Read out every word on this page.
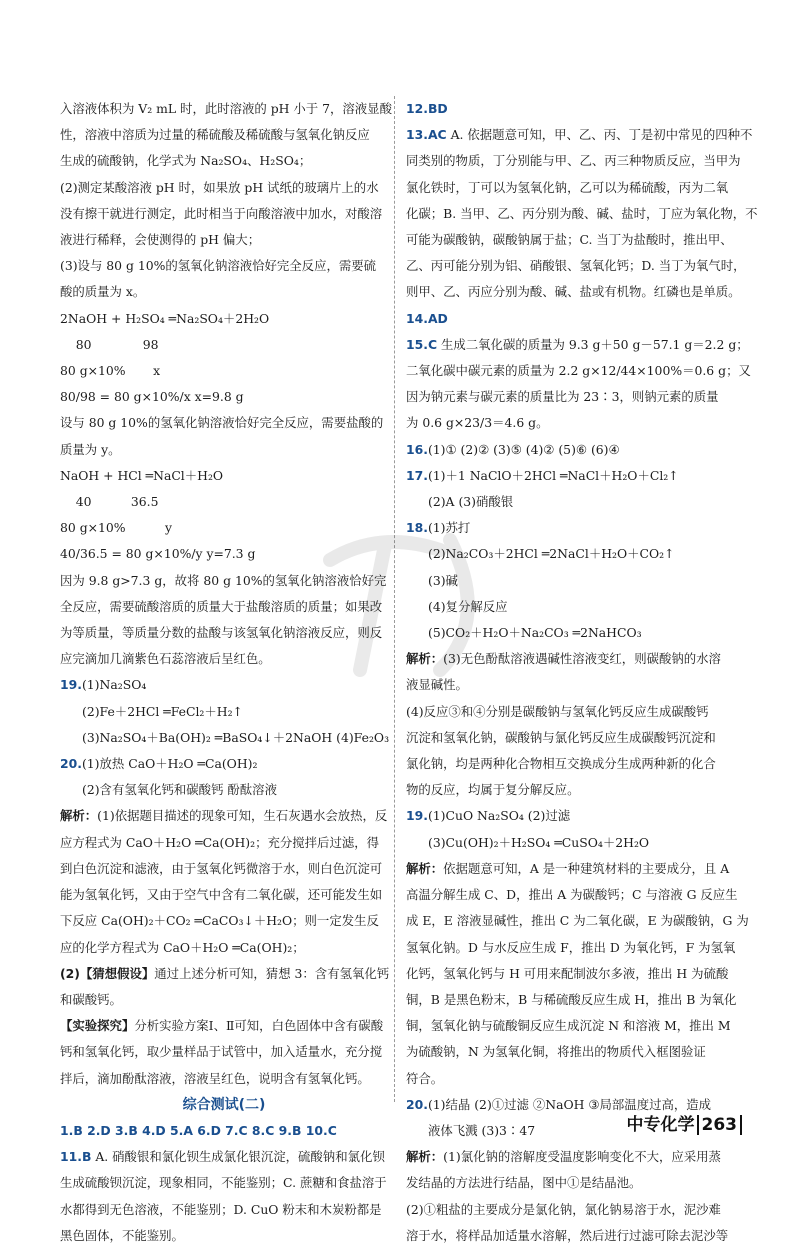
入溶液体积为 V₂ mL 时，此时溶液的 pH 小于 7，溶液显酸
性，溶液中溶质为过量的稀硫酸及稀硫酸与氢氧化钠反应
生成的硫酸钠，化学式为 Na₂SO₄、H₂SO₄；
(2)测定某酸溶液 pH 时，如果放 pH 试纸的玻璃片上的水
没有擦干就进行测定，此时相当于向酸溶液中加水，对酸溶
液进行稀释，会使测得的 pH 偏大；
(3)设与 80 g 10%的氢氧化钠溶液恰好完全反应，需要硫
酸的质量为 x。
2NaOH + H₂SO₄ ═Na₂SO₄＋2H₂O
80             98
80 g×10%       x
80/98 = 80 g×10%/x x=9.8 g
设与 80 g 10%的氢氧化钠溶液恰好完全反应，需要盐酸的
质量为 y。
NaOH + HCl ═NaCl＋H₂O
40          36.5
80 g×10%          y
40/36.5 = 80 g×10%/y y=7.3 g
因为 9.8 g>7.3 g，故将 80 g 10%的氢氧化钠溶液恰好完
全反应，需要硫酸溶质的质量大于盐酸溶质的质量；如果改
为等质量，等质量分数的盐酸与该氢氧化钠溶液反应，则反
应完滴加几滴紫色石蕊溶液后呈红色。
19.(1)Na₂SO₄
(2)Fe＋2HCl ═FeCl₂＋H₂↑
(3)Na₂SO₄＋Ba(OH)₂ ═BaSO₄↓＋2NaOH (4)Fe₂O₃
20.(1)放热 CaO＋H₂O ═Ca(OH)₂
(2)含有氢氧化钙和碳酸钙 酚酞溶液
解析：(1)依据题目描述的现象可知，生石灰遇水会放热，反
应方程式为 CaO＋H₂O ═Ca(OH)₂；充分搅拌后过滤，得
到白色沉淀和滤液，由于氢氧化钙微溶于水，则白色沉淀可
能为氢氧化钙，又由于空气中含有二氧化碳，还可能发生如
下反应 Ca(OH)₂＋CO₂ ═CaCO₃↓＋H₂O；则一定发生反
应的化学方程式为 CaO＋H₂O ═Ca(OH)₂；
(2)【猜想假设】通过上述分析可知，猜想 3：含有氢氧化钙
和碳酸钙。
【实验探究】分析实验方案Ⅰ、Ⅱ可知，白色固体中含有碳酸
钙和氢氧化钙，取少量样品于试管中，加入适量水，充分搅
拌后，滴加酚酞溶液，溶液呈红色，说明含有氢氧化钙。
综合测试(二)
1.B 2.D 3.B 4.D 5.A 6.D 7.C 8.C 9.B 10.C
11.B A. 硝酸银和氯化钡生成氯化银沉淀，硫酸钠和氯化钡
生成硫酸钡沉淀，现象相同，不能鉴别；C. 蔗糖和食盐溶于
水都得到无色溶液，不能鉴别；D. CuO 粉末和木炭粉都是
黑色固体，不能鉴别。
12.BD
13.AC A. 依据题意可知，甲、乙、丙、丁是初中常见的四种不
同类别的物质，丁分别能与甲、乙、丙三种物质反应，当甲为
氯化铁时，丁可以为氢氧化钠，乙可以为稀硫酸，丙为二氧
化碳；B. 当甲、乙、丙分别为酸、碱、盐时，丁应为氧化物，不
可能为碳酸钠，碳酸钠属于盐；C. 当丁为盐酸时，推出甲、
乙、丙可能分别为铝、硝酸银、氢氧化钙；D. 当丁为氧气时，
则甲、乙、丙应分别为酸、碱、盐或有机物。红磷也是单质。
14.AD
15.C 生成二氧化碳的质量为 9.3 g＋50 g－57.1 g＝2.2 g；
二氧化碳中碳元素的质量为 2.2 g×12/44×100%＝0.6 g；又
因为钠元素与碳元素的质量比为 23∶3，则钠元素的质量
为 0.6 g×23/3＝4.6 g。
16.(1)① (2)② (3)⑤ (4)② (5)⑥ (6)④
17.(1)＋1 NaClO＋2HCl ═NaCl＋H₂O＋Cl₂↑
(2)A (3)硝酸银
18.(1)苏打
(2)Na₂CO₃＋2HCl ═2NaCl＋H₂O＋CO₂↑
(3)碱
(4)复分解反应
(5)CO₂＋H₂O＋Na₂CO₃ ═2NaHCO₃
解析：(3)无色酚酞溶液遇碱性溶液变红，则碳酸钠的水溶
液显碱性。
(4)反应③和④分别是碳酸钠与氢氧化钙反应生成碳酸钙
沉淀和氢氧化钠，碳酸钠与氯化钙反应生成碳酸钙沉淀和
氯化钠，均是两种化合物相互交换成分生成两种新的化合
物的反应，均属于复分解反应。
19.(1)CuO Na₂SO₄ (2)过滤
(3)Cu(OH)₂＋H₂SO₄ ═CuSO₄＋2H₂O
解析：依据题意可知，A 是一种建筑材料的主要成分，且 A
高温分解生成 C、D，推出 A 为碳酸钙；C 与溶液 G 反应生
成 E，E 溶液显碱性，推出 C 为二氧化碳，E 为碳酸钠，G 为
氢氧化钠。D 与水反应生成 F，推出 D 为氧化钙，F 为氢氧
化钙，氢氧化钙与 H 可用来配制波尔多液，推出 H 为硫酸
铜，B 是黑色粉末，B 与稀硫酸反应生成 H，推出 B 为氧化
铜，氢氧化钠与硫酸铜反应生成沉淀 N 和溶液 M，推出 M
为硫酸钠，N 为氢氧化铜，将推出的物质代入框图验证
符合。
20.(1)结晶 (2)①过滤 ②NaOH ③局部温度过高，造成
液体飞溅 (3)3∶47
解析：(1)氯化钠的溶解度受温度影响变化不大，应采用蒸
发结晶的方法进行结晶，图中①是结晶池。
(2)①粗盐的主要成分是氯化钠，氯化钠易溶于水，泥沙难
溶于水，将样品加适量水溶解，然后进行过滤可除去泥沙等
中专化学 263
